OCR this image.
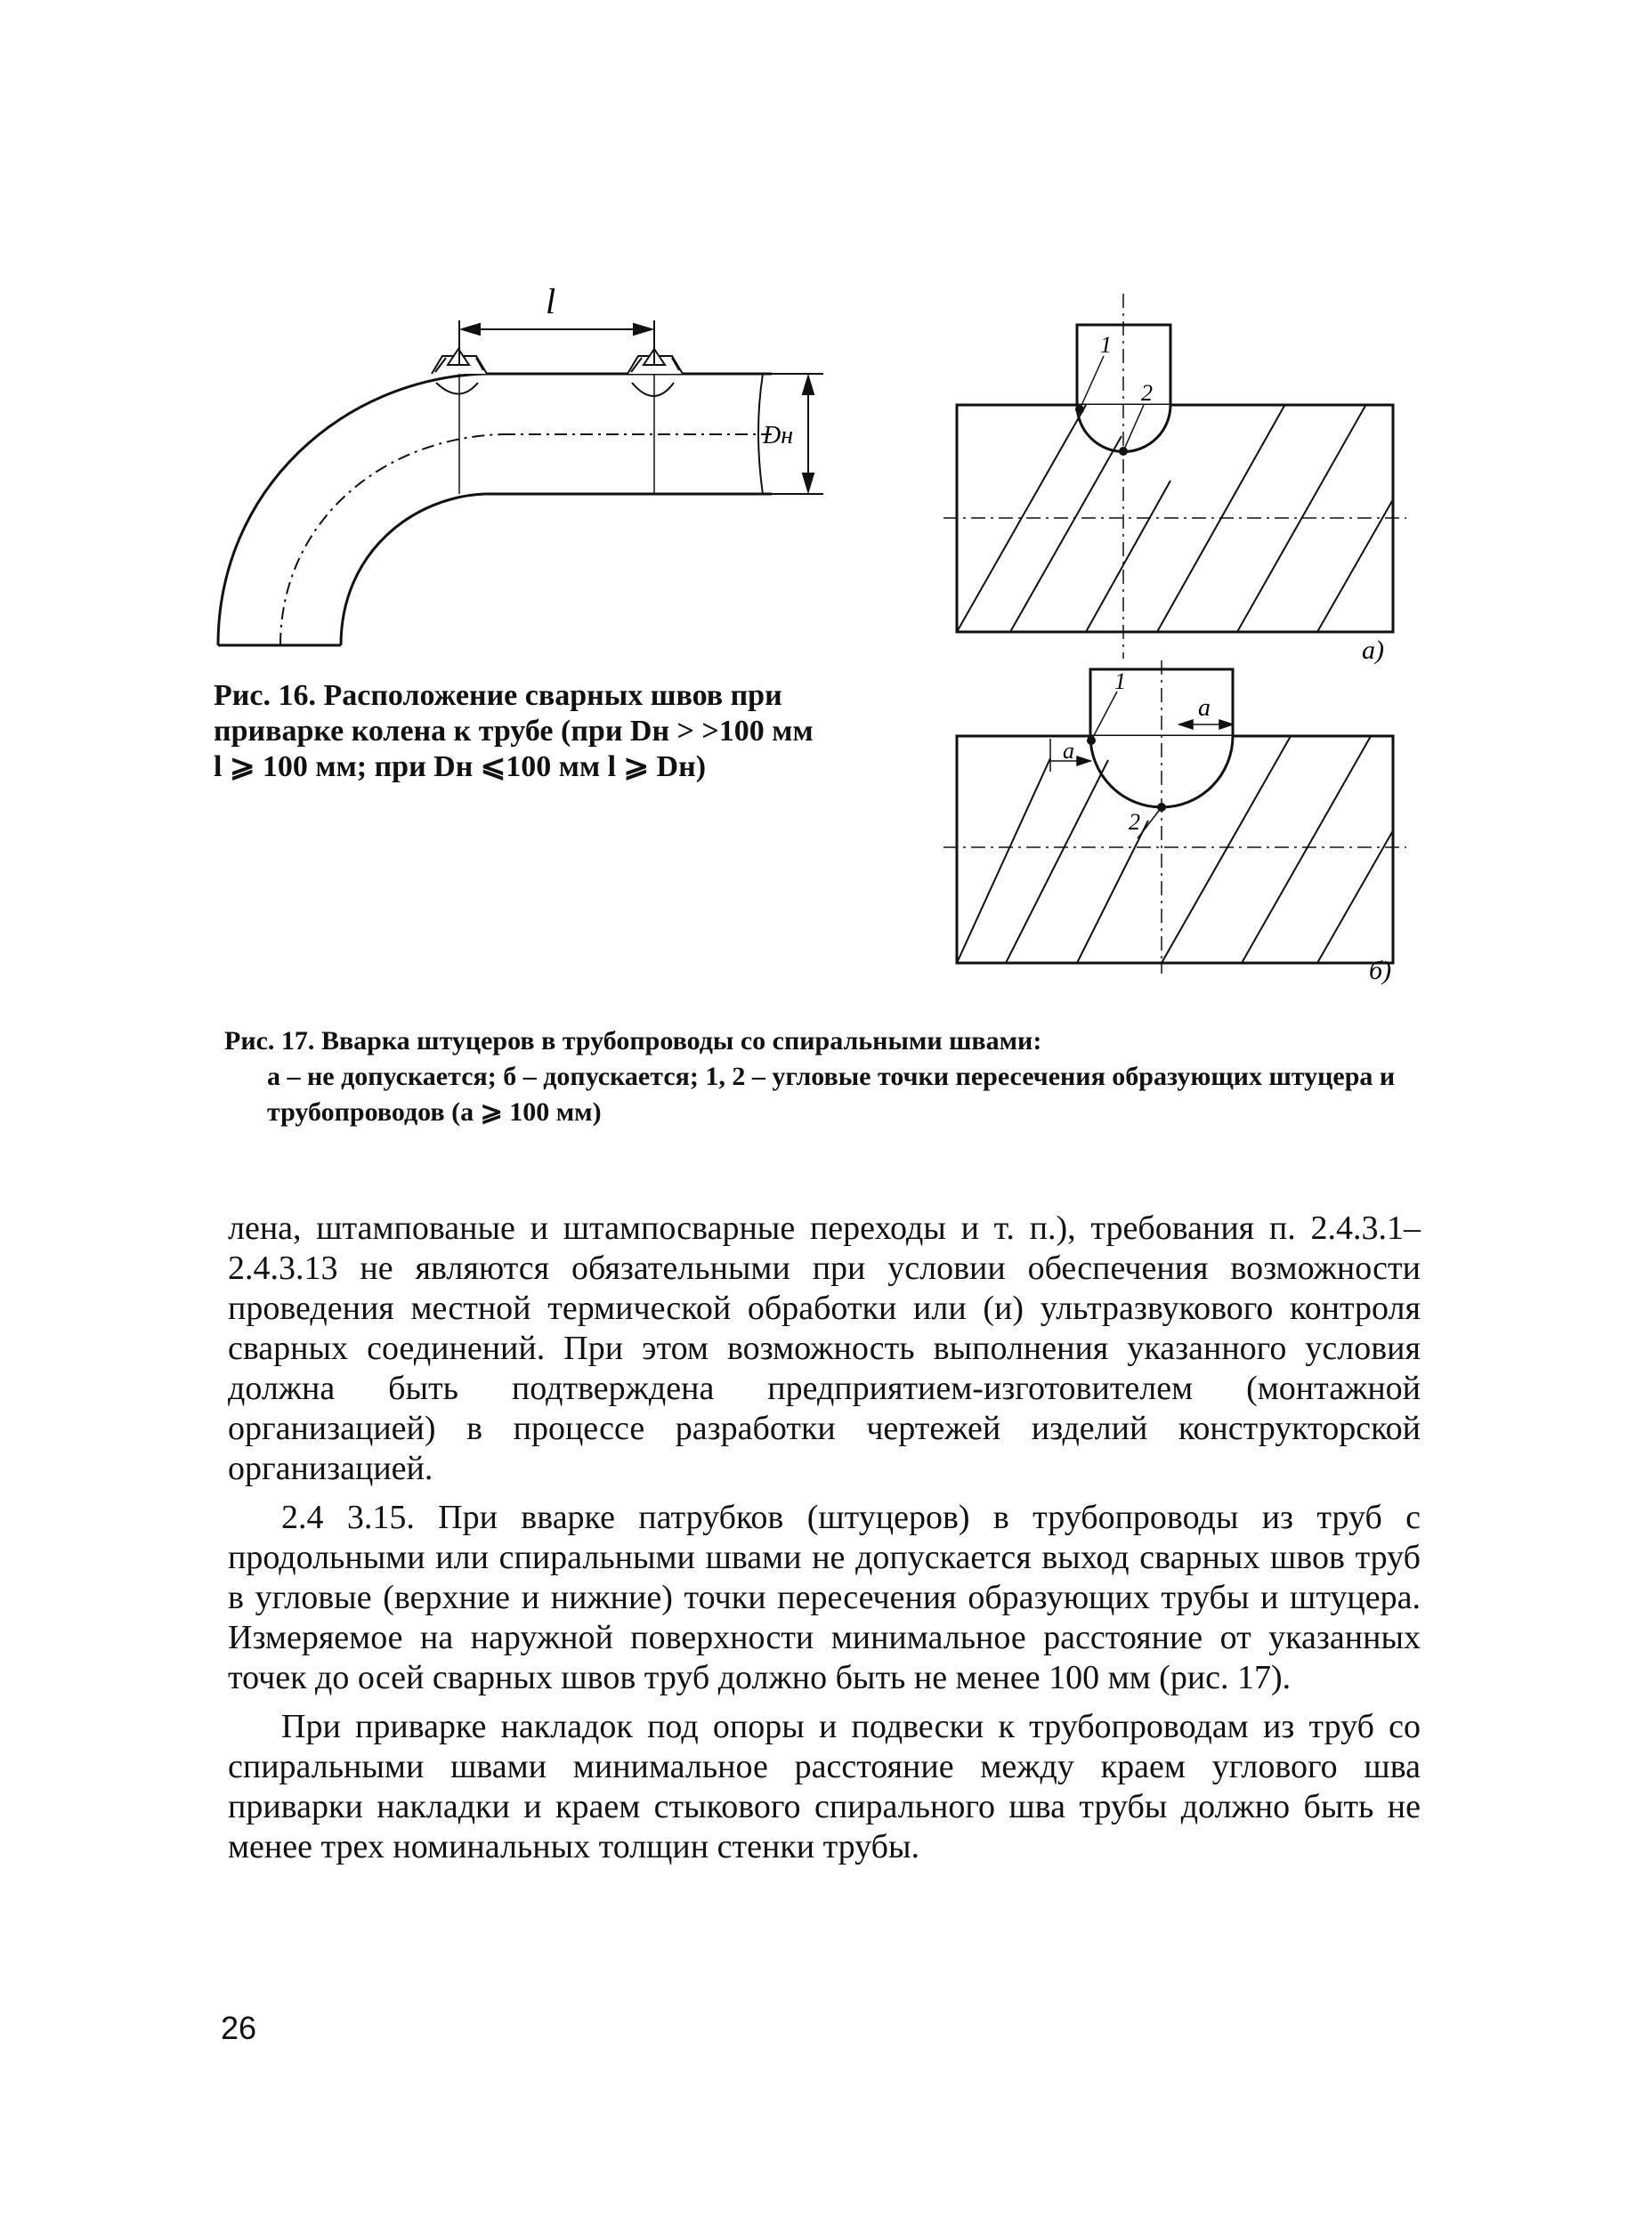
l
Dн

Рис. 16. Расположение сварных швов при приварке колена к трубе (при Dн > >100 мм l ⩾ 100 мм; при Dн ⩽100 мм l ⩾ Dн)

1
2
а)
1
2
a
a
б)

Рис. 17. Вварка штуцеров в трубопроводы со спиральными швами:
а – не допускается; б – допускается; 1, 2 – угловые точки пересечения образующих штуцера и трубопроводов (а ⩾ 100 мм)

лена, штампованые и штампосварные переходы и т. п.), требования п. 2.4.3.1–2.4.3.13 не являются обязательными при условии обеспечения возможности проведения местной термической обработки или (и) ультразвукового контроля сварных соединений. При этом возможность выполнения указанного условия должна быть подтверждена предприятием-изготовителем (монтажной организацией) в процессе разработки чертежей изделий конструкторской организацией.

2.4 3.15. При вварке патрубков (штуцеров) в трубопроводы из труб с продольными или спиральными швами не допускается выход сварных швов труб в угловые (верхние и нижние) точки пересечения образующих трубы и штуцера. Измеряемое на наружной поверхности минимальное расстояние от указанных точек до осей сварных швов труб должно быть не менее 100 мм (рис. 17).

При приварке накладок под опоры и подвески к трубопроводам из труб со спиральными швами минимальное расстояние между краем углового шва приварки накладки и краем стыкового спирального шва трубы должно быть не менее трех номинальных толщин стенки трубы.

26
